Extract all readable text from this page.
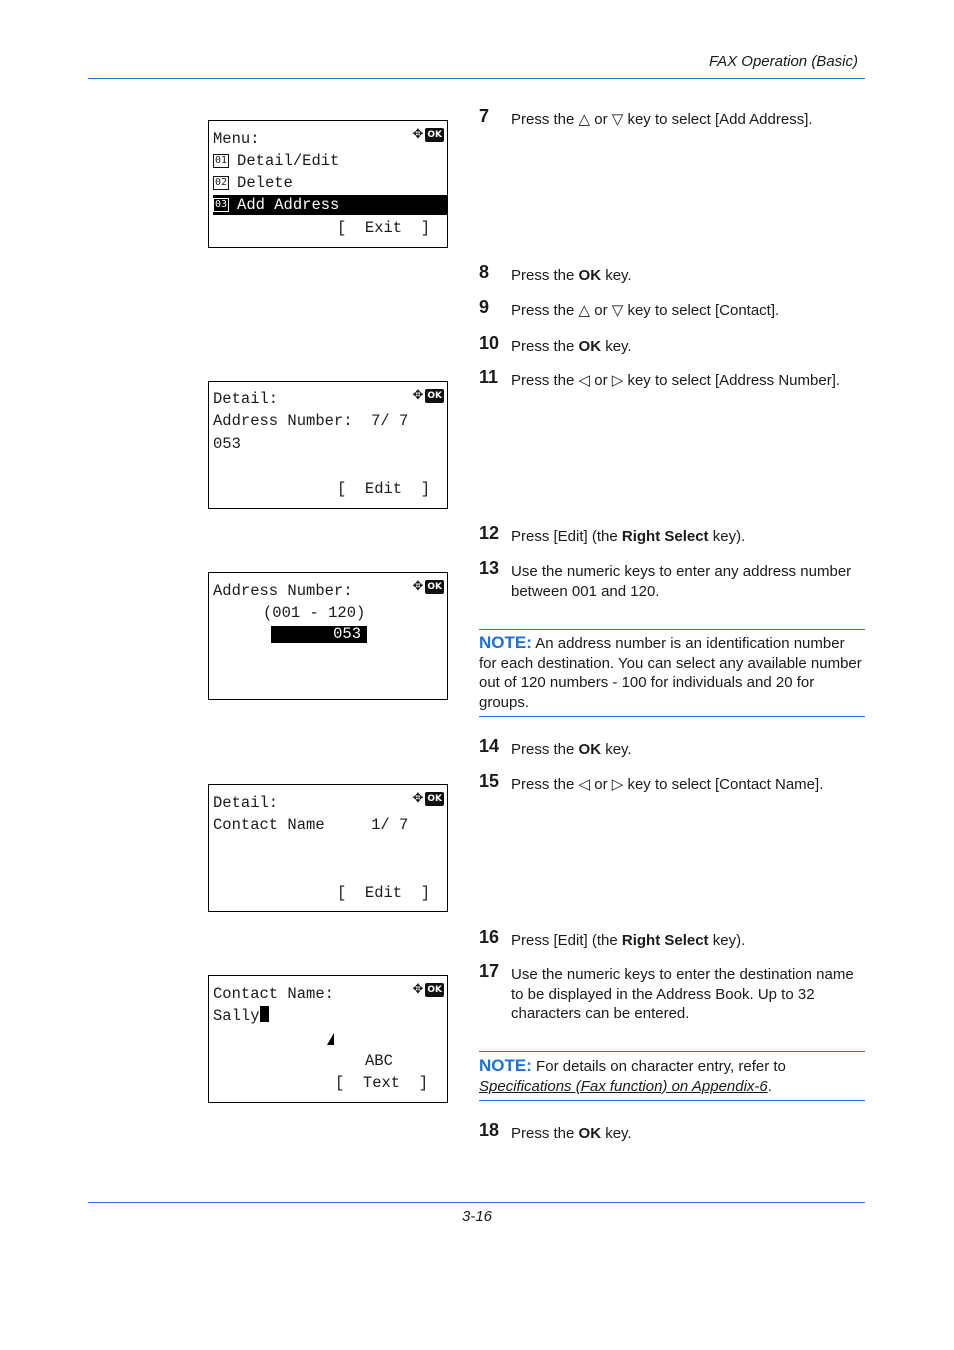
FAX Operation (Basic)
Menu:	✥ OK
01 Detail/Edit
02 Delete
03 Add Address
[  Exit  ]
Detail:	✥ OK
Address Number:  7/ 7
053
[  Edit  ]
Address Number:	✥ OK
(001 - 120)
053
Detail:	✥ OK
Contact Name     1/ 7
[  Edit  ]
Contact Name:	✥ OK
Sally
ABC
[  Text  ]
7 Press the △ or ▽ key to select [Add Address].
8 Press the OK key.
9 Press the △ or ▽ key to select [Contact].
10 Press the OK key.
11 Press the ◁ or ▷ key to select [Address Number].
12 Press [Edit] (the Right Select key).
13 Use the numeric keys to enter any address number between 001 and 120.
NOTE: An address number is an identification number for each destination. You can select any available number out of 120 numbers - 100 for individuals and 20 for groups.
14 Press the OK key.
15 Press the ◁ or ▷ key to select [Contact Name].
16 Press [Edit] (the Right Select key).
17 Use the numeric keys to enter the destination name to be displayed in the Address Book. Up to 32 characters can be entered.
NOTE: For details on character entry, refer to
Specifications (Fax function) on Appendix-6.
18 Press the OK key.
3-16
